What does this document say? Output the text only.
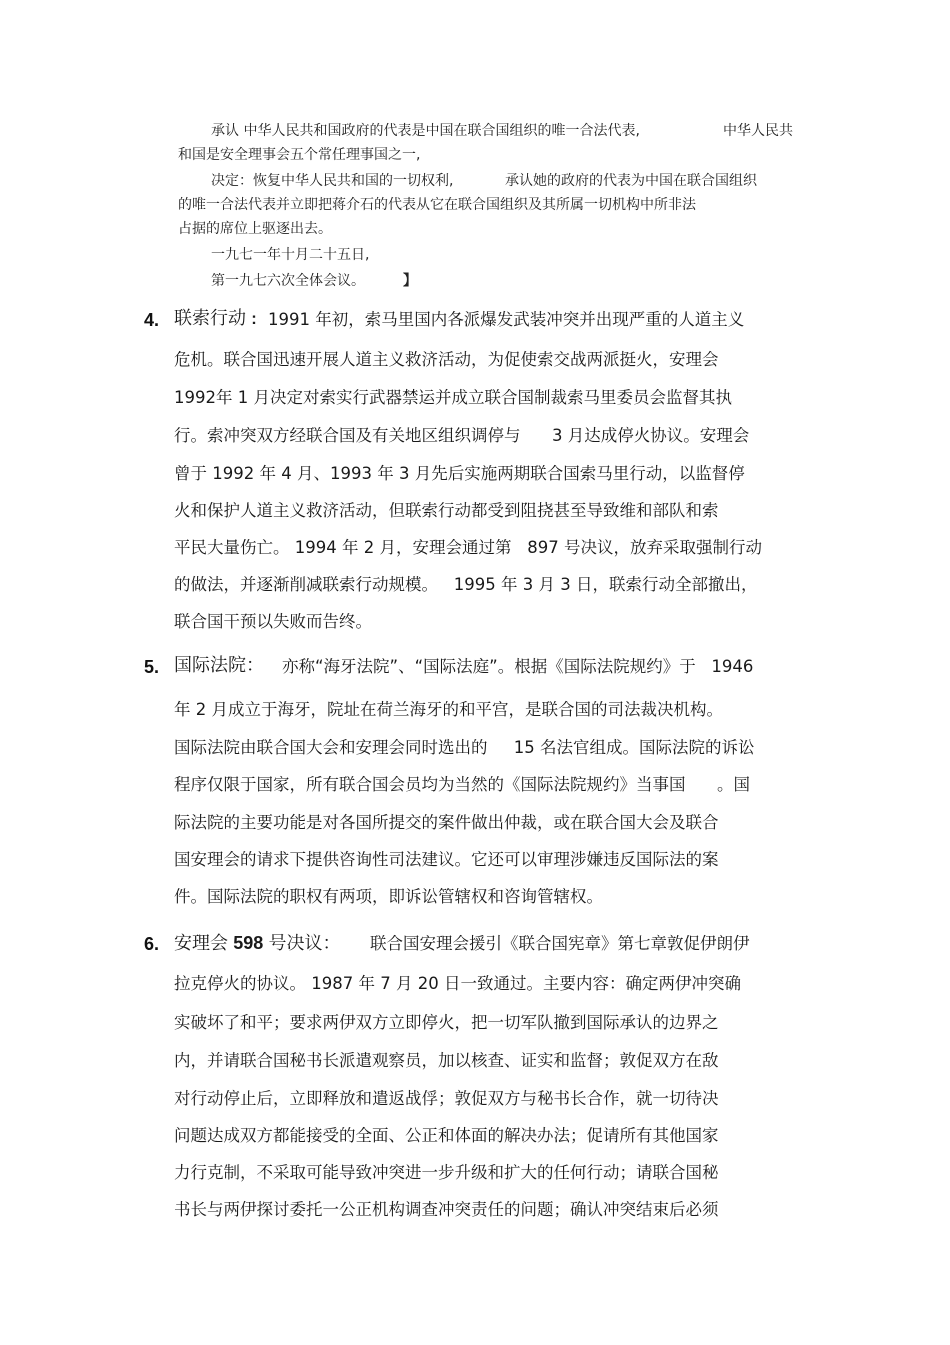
承认 中华人民共和国政府的代表是中国在联合国组织的唯一合法代表,	中华人民共
和国是安全理事会五个常任理事国之一,
决定：恢复中华人民共和国的一切权利,	承认她的政府的代表为中国在联合国组织
的唯一合法代表并立即把蒋介石的代表从它在联合国组织及其所属一切机构中所非法
占据的席位上驱逐出去。
一九七一年十月二十五日,
第一九七六次全体会议。	】
4. 联索行动 : 1991 年初，索马里国内各派爆发武装冲突并出现严重的人道主义
危机。联合国迅速开展人道主义救济活动，为促使索交战两派挺火，安理会
1992年 1 月决定对索实行武器禁运并成立联合国制裁索马里委员会监督其执
行。索冲突双方经联合国及有关地区组织调停与      3 月达成停火协议。安理会
曾于 1992 年 4 月、1993 年 3 月先后实施两期联合国索马里行动，以监督停
火和保护人道主义救济活动，但联索行动都受到阻挠甚至导致维和部队和索
平民大量伤亡。 1994 年 2 月，安理会通过第   897 号决议，放弃采取强制行动
的做法，并逐渐削减联索行动规模。   1995 年 3 月 3 日，联索行动全部撤出，
联合国干预以失败而告终。
5. 国际法院： 亦称“海牙法院”、“国际法庭”。根据《国际法院规约》于   1946
年 2 月成立于海牙，院址在荷兰海牙的和平宫，是联合国的司法裁决机构。
国际法院由联合国大会和安理会同时选出的     15 名法官组成。国际法院的诉讼
程序仅限于国家，所有联合国会员均为当然的《国际法院规约》当事国      。国
际法院的主要功能是对各国所提交的案件做出仲裁，或在联合国大会及联合
国安理会的请求下提供咨询性司法建议。它还可以审理涉嫌违反国际法的案
件。国际法院的职权有两项，即诉讼管辖权和咨询管辖权。
6. 安理会 598 号决议： 联合国安理会援引《联合国宪章》第七章敦促伊朗伊
拉克停火的协议。 1987 年 7 月 20 日一致通过。主要内容：确定两伊冲突确
实破坏了和平；要求两伊双方立即停火，把一切军队撤到国际承认的边界之
内，并请联合国秘书长派遣观察员，加以核查、证实和监督；敦促双方在敌
对行动停止后，立即释放和遣返战俘；敦促双方与秘书长合作，就一切待决
问题达成双方都能接受的全面、公正和体面的解决办法；促请所有其他国家
力行克制，不采取可能导致冲突进一步升级和扩大的任何行动；请联合国秘
书长与两伊探讨委托一公正机构调查冲突责任的问题；确认冲突结束后必须
